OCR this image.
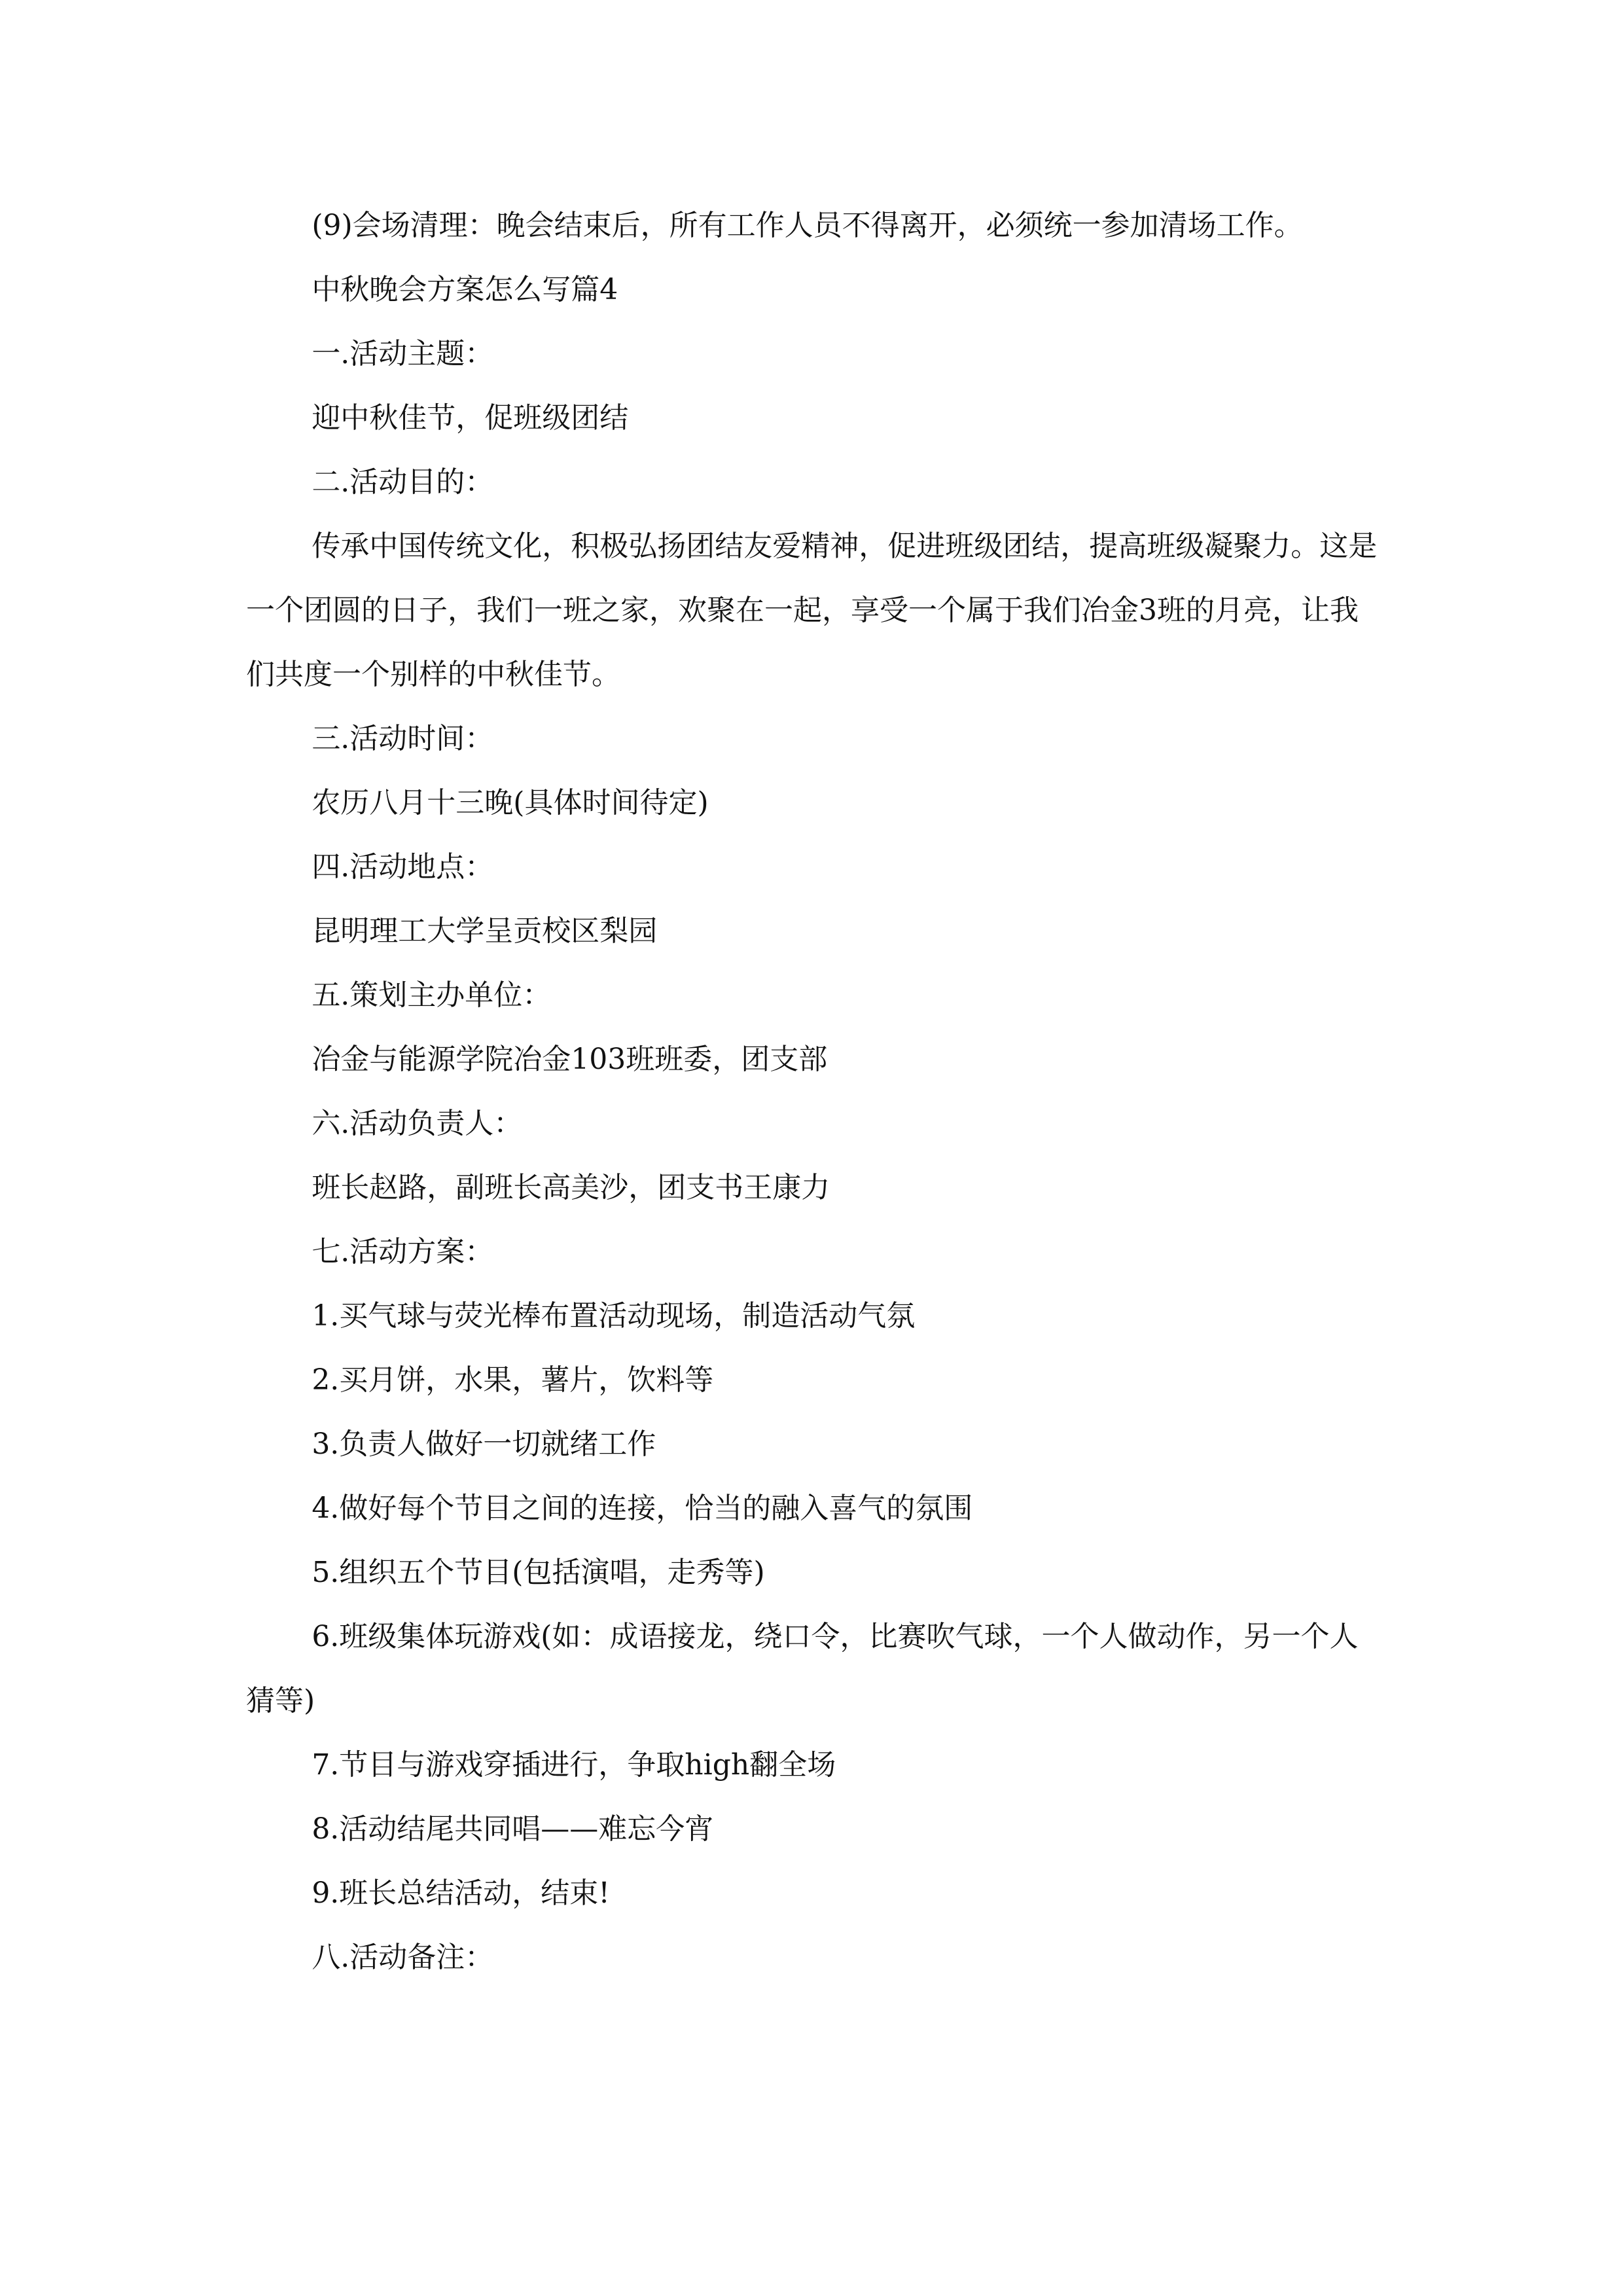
(9)会场清理：晚会结束后，所有工作人员不得离开，必须统一参加清场工作。

中秋晚会方案怎么写篇4

一.活动主题：

迎中秋佳节，促班级团结

二.活动目的：

传承中国传统文化，积极弘扬团结友爱精神，促进班级团结，提高班级凝聚力。这是一个团圆的日子，我们一班之家，欢聚在一起，享受一个属于我们冶金3班的月亮，让我们共度一个别样的中秋佳节。

三.活动时间：

农历八月十三晚(具体时间待定)

四.活动地点：

昆明理工大学呈贡校区梨园

五.策划主办单位：

冶金与能源学院冶金103班班委，团支部

六.活动负责人：

班长赵路，副班长高美沙，团支书王康力

七.活动方案：

1.买气球与荧光棒布置活动现场，制造活动气氛

2.买月饼，水果，薯片，饮料等

3.负责人做好一切就绪工作

4.做好每个节目之间的连接，恰当的融入喜气的氛围

5.组织五个节目(包括演唱，走秀等)

6.班级集体玩游戏(如：成语接龙，绕口令，比赛吹气球，一个人做动作，另一个人猜等)

7.节目与游戏穿插进行，争取high翻全场

8.活动结尾共同唱——难忘今宵

9.班长总结活动，结束!

八.活动备注：
